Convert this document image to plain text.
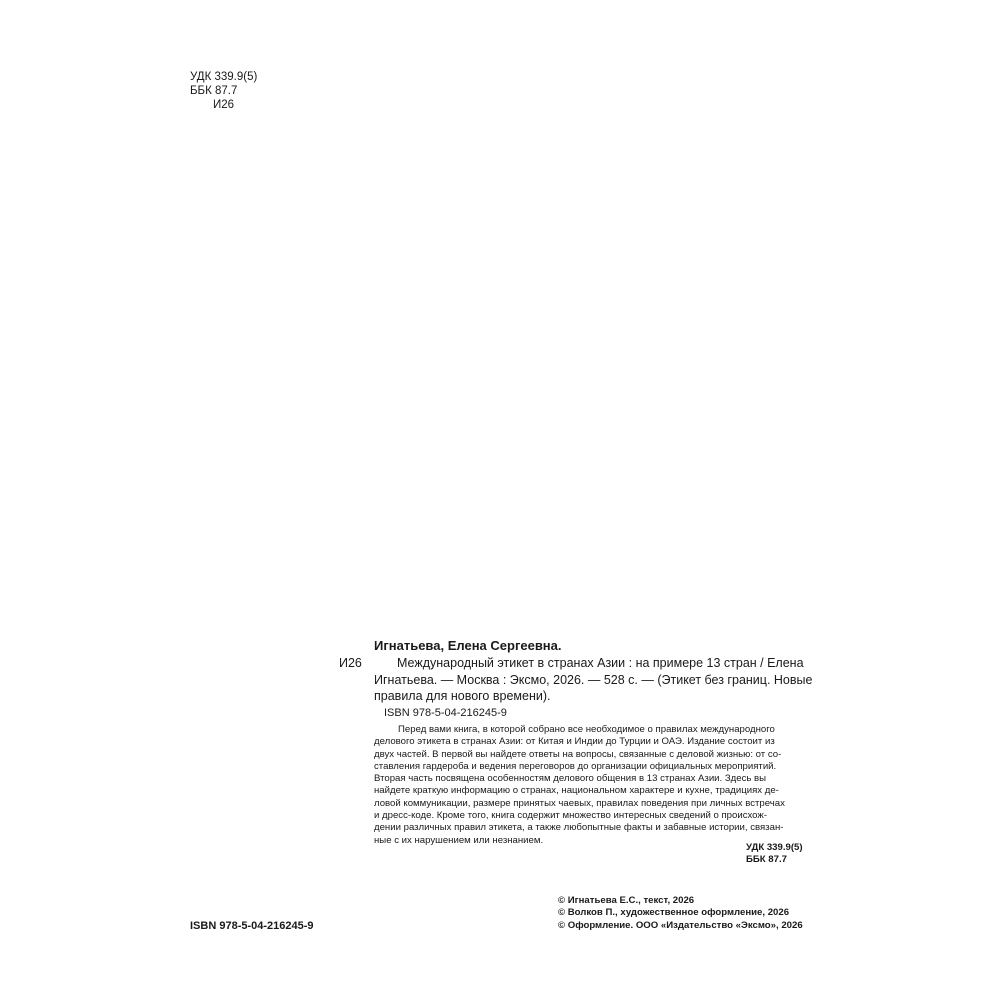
УДК 339.9(5)
ББК 87.7
И26
Игнатьева, Елена Сергеевна.
И26	Международный этикет в странах Азии : на примере 13 стран / Елена
Игнатьева. — Москва : Эксмо, 2026. — 528 с. — (Этикет без границ. Новые
правила для нового времени).
ISBN 978-5-04-216245-9
Перед вами книга, в которой собрано все необходимое о правилах международного
делового этикета в странах Азии: от Китая и Индии до Турции и ОАЭ. Издание состоит из
двух частей. В первой вы найдете ответы на вопросы, связанные с деловой жизнью: от со-
ставления гардероба и ведения переговоров до организации официальных мероприятий.
Вторая часть посвящена особенностям делового общения в 13 странах Азии. Здесь вы
найдете краткую информацию о странах, национальном характере и кухне, традициях де-
ловой коммуникации, размере принятых чаевых, правилах поведения при личных встречах
и дресс-коде. Кроме того, книга содержит множество интересных сведений о происхож-
дении различных правил этикета, а также любопытные факты и забавные истории, связан-
ные с их нарушением или незнанием.
УДК 339.9(5)
ББК 87.7
ISBN 978-5-04-216245-9
© Игнатьева Е.С., текст, 2026
© Волков П., художественное оформление, 2026
© Оформление. ООО «Издательство «Эксмо», 2026
